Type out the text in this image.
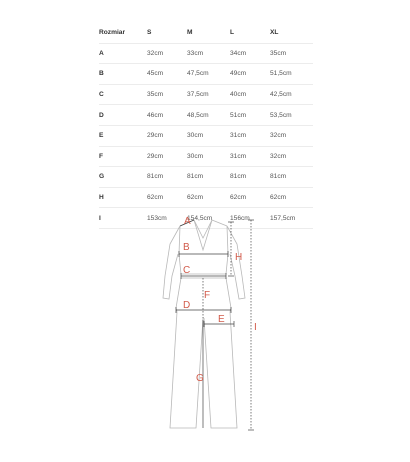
Rozmiar	S	M	L	XL
A	32cm	33cm	34cm	35cm
B	45cm	47,5cm	49cm	51,5cm
C	35cm	37,5cm	40cm	42,5cm
D	46cm	48,5cm	51cm	53,5cm
E	29cm	30cm	31cm	32cm
F	29cm	30cm	31cm	32cm
G	81cm	81cm	81cm	81cm
H	62cm	62cm	62cm	62cm
I	153cm	154,5cm	156cm	157,5cm
A
B
C
F
D
E
G
H
I
